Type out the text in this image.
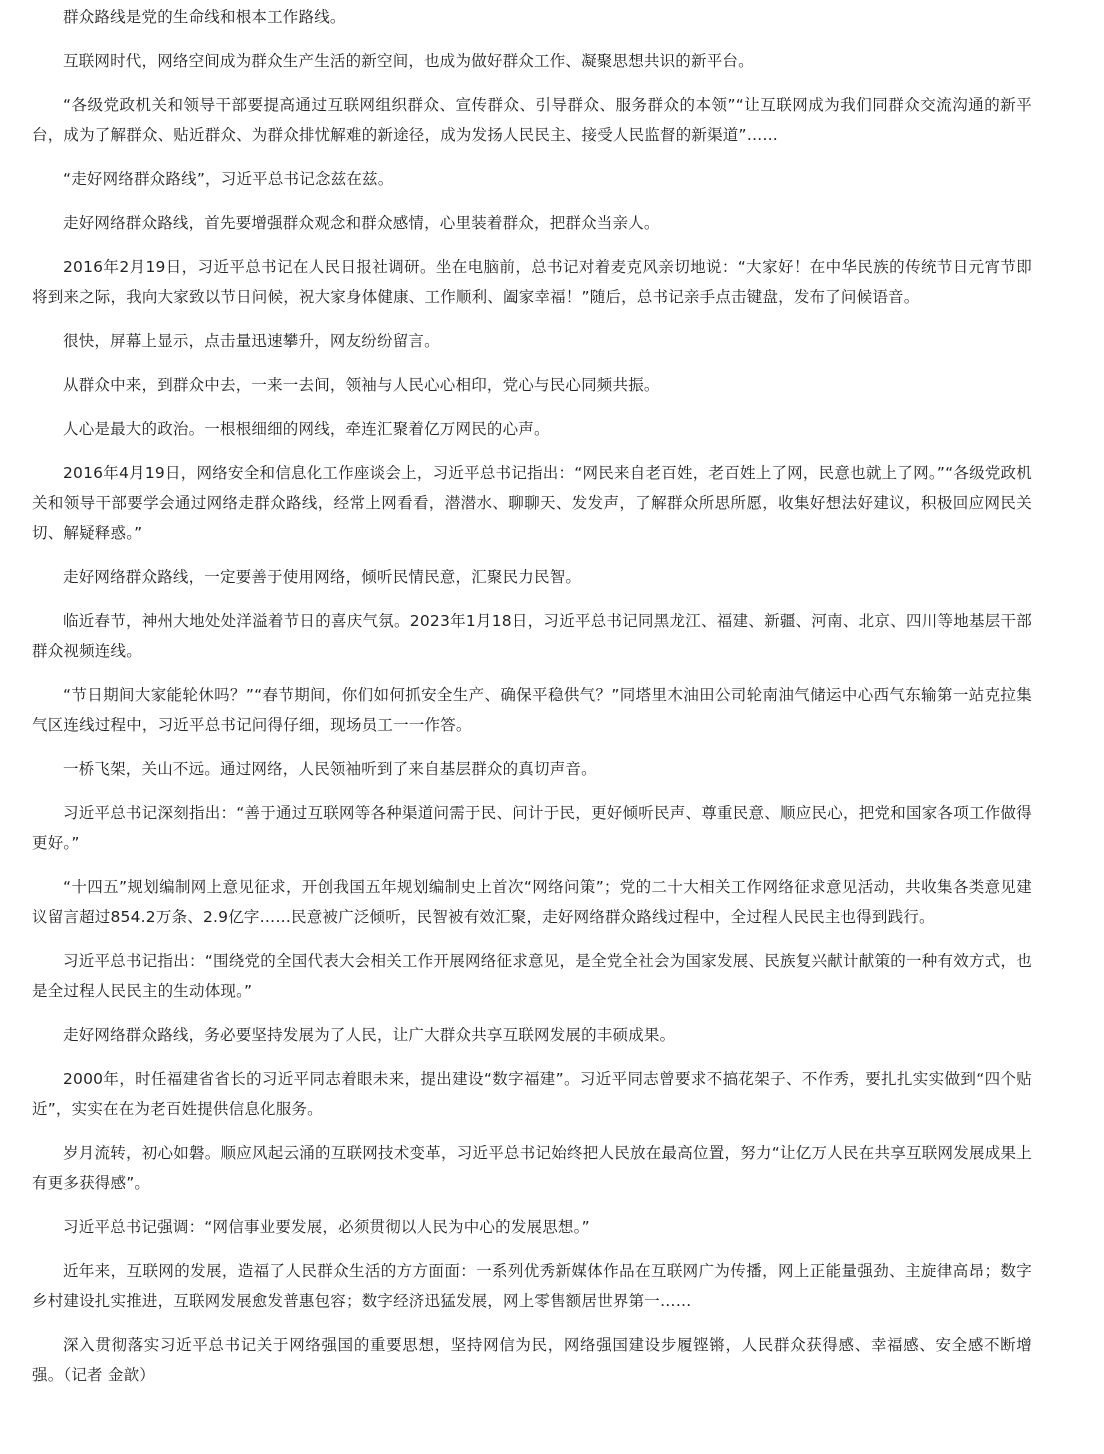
群众路线是党的生命线和根本工作路线。

互联网时代，网络空间成为群众生产生活的新空间，也成为做好群众工作、凝聚思想共识的新平台。

“各级党政机关和领导干部要提高通过互联网组织群众、宣传群众、引导群众、服务群众的本领”“让互联网成为我们同群众交流沟通的新平台，成为了解群众、贴近群众、为群众排忧解难的新途径，成为发扬人民民主、接受人民监督的新渠道”……

“走好网络群众路线”，习近平总书记念兹在兹。

走好网络群众路线，首先要增强群众观念和群众感情，心里装着群众，把群众当亲人。

2016年2月19日，习近平总书记在人民日报社调研。坐在电脑前，总书记对着麦克风亲切地说：“大家好！在中华民族的传统节日元宵节即将到来之际，我向大家致以节日问候，祝大家身体健康、工作顺利、阖家幸福！”随后，总书记亲手点击键盘，发布了问候语音。

很快，屏幕上显示，点击量迅速攀升，网友纷纷留言。

从群众中来，到群众中去，一来一去间，领袖与人民心心相印，党心与民心同频共振。

人心是最大的政治。一根根细细的网线，牵连汇聚着亿万网民的心声。

2016年4月19日，网络安全和信息化工作座谈会上，习近平总书记指出：“网民来自老百姓，老百姓上了网，民意也就上了网。”“各级党政机关和领导干部要学会通过网络走群众路线，经常上网看看，潜潜水、聊聊天、发发声，了解群众所思所愿，收集好想法好建议，积极回应网民关切、解疑释惑。”

走好网络群众路线，一定要善于使用网络，倾听民情民意，汇聚民力民智。

临近春节，神州大地处处洋溢着节日的喜庆气氛。2023年1月18日，习近平总书记同黑龙江、福建、新疆、河南、北京、四川等地基层干部群众视频连线。

“节日期间大家能轮休吗？”“春节期间，你们如何抓安全生产、确保平稳供气？”同塔里木油田公司轮南油气储运中心西气东输第一站克拉集气区连线过程中，习近平总书记问得仔细，现场员工一一作答。

一桥飞架，关山不远。通过网络，人民领袖听到了来自基层群众的真切声音。

习近平总书记深刻指出：“善于通过互联网等各种渠道问需于民、问计于民，更好倾听民声、尊重民意、顺应民心，把党和国家各项工作做得更好。”

“十四五”规划编制网上意见征求，开创我国五年规划编制史上首次“网络问策”；党的二十大相关工作网络征求意见活动，共收集各类意见建议留言超过854.2万条、2.9亿字……民意被广泛倾听，民智被有效汇聚，走好网络群众路线过程中，全过程人民民主也得到践行。

习近平总书记指出：“围绕党的全国代表大会相关工作开展网络征求意见，是全党全社会为国家发展、民族复兴献计献策的一种有效方式，也是全过程人民民主的生动体现。”

走好网络群众路线，务必要坚持发展为了人民，让广大群众共享互联网发展的丰硕成果。

2000年，时任福建省省长的习近平同志着眼未来，提出建设“数字福建”。习近平同志曾要求不搞花架子、不作秀，要扎扎实实做到“四个贴近”，实实在在为老百姓提供信息化服务。

岁月流转，初心如磐。顺应风起云涌的互联网技术变革，习近平总书记始终把人民放在最高位置，努力“让亿万人民在共享互联网发展成果上有更多获得感”。

习近平总书记强调：“网信事业要发展，必须贯彻以人民为中心的发展思想。”

近年来，互联网的发展，造福了人民群众生活的方方面面：一系列优秀新媒体作品在互联网广为传播，网上正能量强劲、主旋律高昂；数字乡村建设扎实推进，互联网发展愈发普惠包容；数字经济迅猛发展，网上零售额居世界第一……

深入贯彻落实习近平总书记关于网络强国的重要思想，坚持网信为民，网络强国建设步履铿锵，人民群众获得感、幸福感、安全感不断增强。（记者 金歆）
